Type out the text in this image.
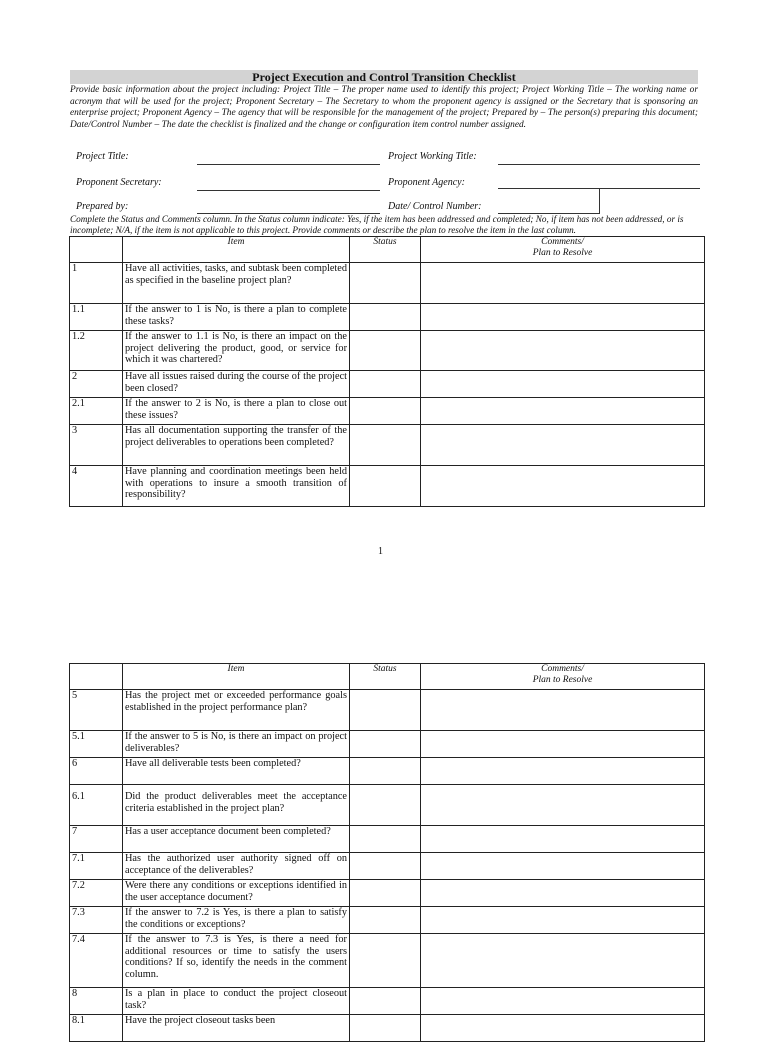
Project Execution and Control Transition Checklist
Provide basic information about the project including: Project Title – The proper name used to identify this project; Project Working Title – The working name or acronym that will be used for the project; Proponent Secretary – The Secretary to whom the proponent agency is assigned or the Secretary that is sponsoring an enterprise project; Proponent Agency – The agency that will be responsible for the management of the project; Prepared by – The person(s) preparing this document; Date/Control Number – The date the checklist is finalized and the change or configuration item control number assigned.
Project Title:	Project Working Title:
Proponent Secretary:	Proponent Agency:
Prepared by:	Date/ Control Number:
Complete the Status and Comments column. In the Status column indicate: Yes, if the item has been addressed and completed; No, if item has not been addressed, or is incomplete; N/A, if the item is not applicable to this project. Provide comments or describe the plan to resolve the item in the last column.
	Item	Status	Comments/
Plan to Resolve
1	Have all activities, tasks, and subtask been completed as specified in the baseline project plan?		
1.1	If the answer to 1 is No, is there a plan to complete these tasks?		
1.2	If the answer to 1.1 is No, is there an impact on the project delivering the product, good, or service for which it was chartered?		
2	Have all issues raised during the course of the project been closed?		
2.1	If the answer to 2 is No, is there a plan to close out these issues?		
3	Has all documentation supporting the transfer of the project deliverables to operations been completed?		
4	Have planning and coordination meetings been held with operations to insure a smooth transition of responsibility?		
1
	Item	Status	Comments/
Plan to Resolve
5	Has the project met or exceeded performance goals established in the project performance plan?		
5.1	If the answer to 5 is No, is there an impact on project deliverables?		
6	Have all deliverable tests been completed?		
6.1	Did the product deliverables meet the acceptance criteria established in the project plan?		
7	Has a user acceptance document been completed?		
7.1	Has the authorized user authority signed off on acceptance of the deliverables?		
7.2	Were there any conditions or exceptions identified in the user acceptance document?		
7.3	If the answer to 7.2 is Yes, is there a plan to satisfy the conditions or exceptions?		
7.4	If the answer to 7.3 is Yes, is there a need for additional resources or time to satisfy the users conditions? If so, identify the needs in the comment column.		
8	Is a plan in place to conduct the project closeout task?		
8.1	Have the project closeout tasks been		
